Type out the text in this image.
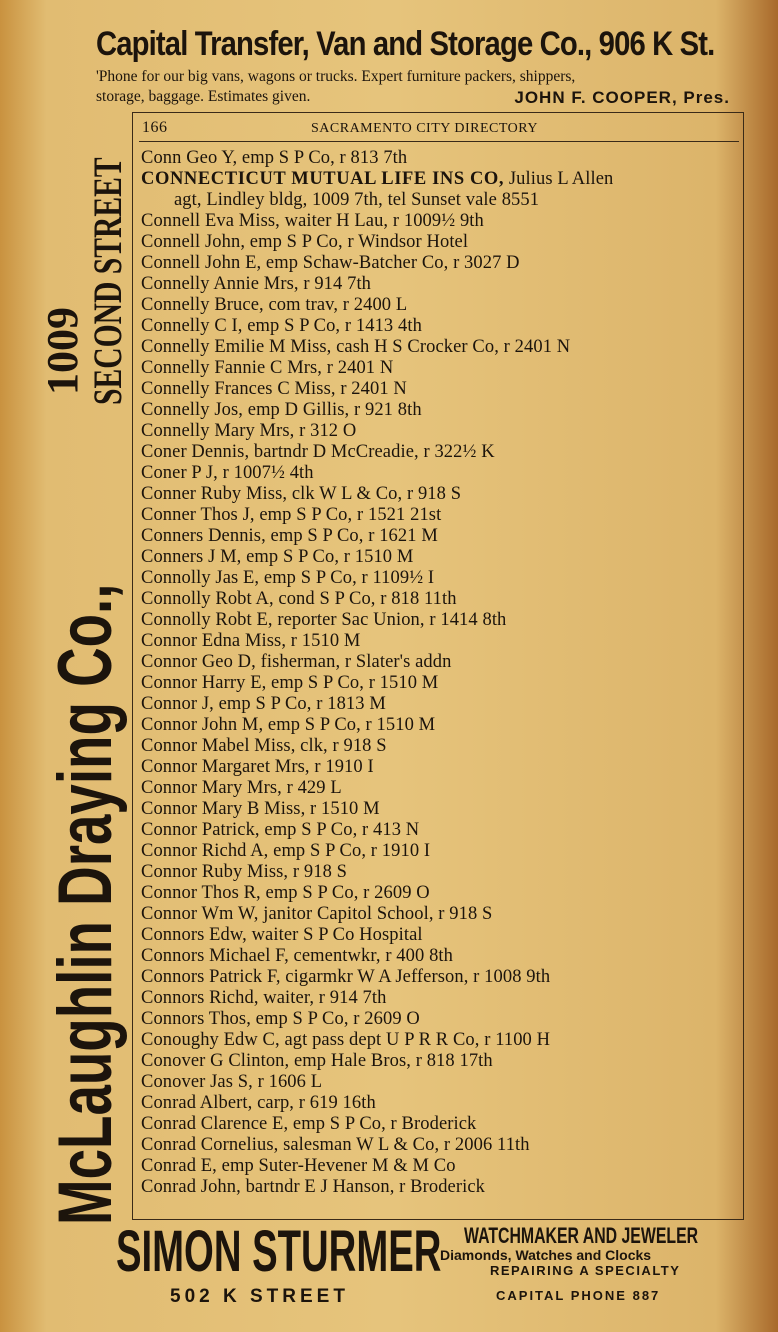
Capital Transfer, Van and Storage Co., 906 K St.
'Phone for our big vans, wagons or trucks. Expert furniture packers, shippers,
storage, baggage. Estimates given.	JOHN F. COOPER, Pres.
McLaughlin Draying Co.,
1009
SECOND STREET
166	SACRAMENTO CITY DIRECTORY
Conn Geo Y, emp S P Co, r 813 7th
CONNECTICUT MUTUAL LIFE INS CO, Julius L Allen
agt, Lindley bldg, 1009 7th, tel Sunset vale 8551
Connell Eva Miss, waiter H Lau, r 1009½ 9th
Connell John, emp S P Co, r Windsor Hotel
Connell John E, emp Schaw-Batcher Co, r 3027 D
Connelly Annie Mrs, r 914 7th
Connelly Bruce, com trav, r 2400 L
Connelly C I, emp S P Co, r 1413 4th
Connelly Emilie M Miss, cash H S Crocker Co, r 2401 N
Connelly Fannie C Mrs, r 2401 N
Connelly Frances C Miss, r 2401 N
Connelly Jos, emp D Gillis, r 921 8th
Connelly Mary Mrs, r 312 O
Coner Dennis, bartndr D McCreadie, r 322½ K
Coner P J, r 1007½ 4th
Conner Ruby Miss, clk W L & Co, r 918 S
Conner Thos J, emp S P Co, r 1521 21st
Conners Dennis, emp S P Co, r 1621 M
Conners J M, emp S P Co, r 1510 M
Connolly Jas E, emp S P Co, r 1109½ I
Connolly Robt A, cond S P Co, r 818 11th
Connolly Robt E, reporter Sac Union, r 1414 8th
Connor Edna Miss, r 1510 M
Connor Geo D, fisherman, r Slater's addn
Connor Harry E, emp S P Co, r 1510 M
Connor J, emp S P Co, r 1813 M
Connor John M, emp S P Co, r 1510 M
Connor Mabel Miss, clk, r 918 S
Connor Margaret Mrs, r 1910 I
Connor Mary Mrs, r 429 L
Connor Mary B Miss, r 1510 M
Connor Patrick, emp S P Co, r 413 N
Connor Richd A, emp S P Co, r 1910 I
Connor Ruby Miss, r 918 S
Connor Thos R, emp S P Co, r 2609 O
Connor Wm W, janitor Capitol School, r 918 S
Connors Edw, waiter S P Co Hospital
Connors Michael F, cementwkr, r 400 8th
Connors Patrick F, cigarmkr W A Jefferson, r 1008 9th
Connors Richd, waiter, r 914 7th
Connors Thos, emp S P Co, r 2609 O
Conoughy Edw C, agt pass dept U P R R Co, r 1100 H
Conover G Clinton, emp Hale Bros, r 818 17th
Conover Jas S, r 1606 L
Conrad Albert, carp, r 619 16th
Conrad Clarence E, emp S P Co, r Broderick
Conrad Cornelius, salesman W L & Co, r 2006 11th
Conrad E, emp Suter-Hevener M & M Co
Conrad John, bartndr E J Hanson, r Broderick
SIMON STURMER WATCHMAKER AND JEWELER
Diamonds, Watches and Clocks
REPAIRING A SPECIALTY
502 K STREET	CAPITAL PHONE 887
